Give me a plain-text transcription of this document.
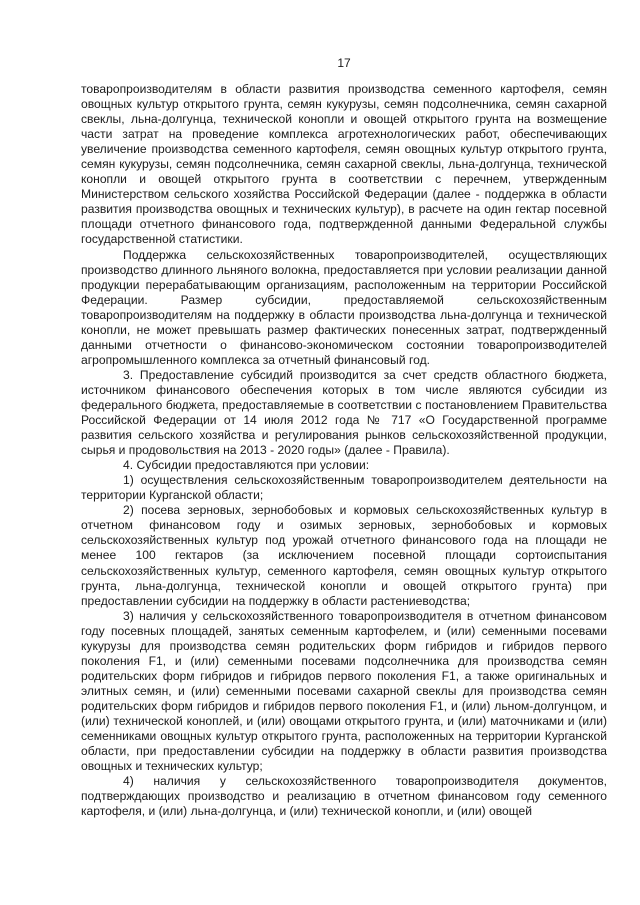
17

товаропроизводителям в области развития производства семенного картофеля, семян овощных культур открытого грунта, семян кукурузы, семян подсолнечника, семян сахарной свеклы, льна-долгунца, технической конопли и овощей открытого грунта на возмещение части затрат на проведение комплекса агротехнологических работ, обеспечивающих увеличение производства семенного картофеля, семян овощных культур открытого грунта, семян кукурузы, семян подсолнечника, семян сахарной свеклы, льна-долгунца, технической конопли и овощей открытого грунта в соответствии с перечнем, утвержденным Министерством сельского хозяйства Российской Федерации (далее - поддержка в области развития производства овощных и технических культур), в расчете на один гектар посевной площади отчетного финансового года, подтвержденной данными Федеральной службы государственной статистики.

Поддержка сельскохозяйственных товаропроизводителей, осуществляющих производство длинного льняного волокна, предоставляется при условии реализации данной продукции перерабатывающим организациям, расположенным на территории Российской Федерации. Размер субсидии, предоставляемой сельскохозяйственным товаропроизводителям на поддержку в области производства льна-долгунца и технической конопли, не может превышать размер фактических понесенных затрат, подтвержденный данными отчетности о финансово-экономическом состоянии товаропроизводителей агропромышленного комплекса за отчетный финансовый год.

3. Предоставление субсидий производится за счет средств областного бюджета, источником финансового обеспечения которых в том числе являются субсидии из федерального бюджета, предоставляемые в соответствии с постановлением Правительства Российской Федерации от 14 июля 2012 года № 717 «О Государственной программе развития сельского хозяйства и регулирования рынков сельскохозяйственной продукции, сырья и продовольствия на 2013 - 2020 годы» (далее - Правила).

4. Субсидии предоставляются при условии:

1) осуществления сельскохозяйственным товаропроизводителем деятельности на территории Курганской области;

2) посева зерновых, зернобобовых и кормовых сельскохозяйственных культур в отчетном финансовом году и озимых зерновых, зернобобовых и кормовых сельскохозяйственных культур под урожай отчетного финансового года на площади не менее 100 гектаров (за исключением посевной площади сортоиспытания сельскохозяйственных культур, семенного картофеля, семян овощных культур открытого грунта, льна-долгунца, технической конопли и овощей открытого грунта) при предоставлении субсидии на поддержку в области растениеводства;

3) наличия у сельскохозяйственного товаропроизводителя в отчетном финансовом году посевных площадей, занятых семенным картофелем, и (или) семенными посевами кукурузы для производства семян родительских форм гибридов и гибридов первого поколения F1, и (или) семенными посевами подсолнечника для производства семян родительских форм гибридов и гибридов первого поколения F1, а также оригинальных и элитных семян, и (или) семенными посевами сахарной свеклы для производства семян родительских форм гибридов и гибридов первого поколения F1, и (или) льном-долгунцом, и (или) технической коноплей, и (или) овощами открытого грунта, и (или) маточниками и (или) семенниками овощных культур открытого грунта, расположенных на территории Курганской области, при предоставлении субсидии на поддержку в области развития производства овощных и технических культур;

4) наличия у сельскохозяйственного товаропроизводителя документов, подтверждающих производство и реализацию в отчетном финансовом году семенного картофеля, и (или) льна-долгунца, и (или) технической конопли, и (или) овощей
